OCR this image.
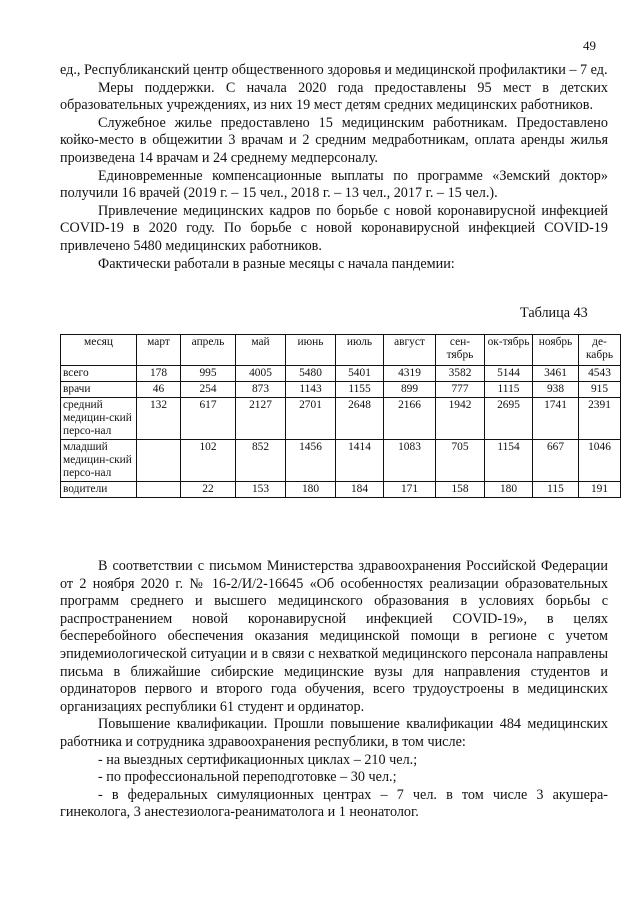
49

ед., Республиканский центр общественного здоровья и медицинской профилактики – 7 ед.

Меры поддержки. С начала 2020 года предоставлены 95 мест в детских образовательных учреждениях, из них 19 мест детям средних медицинских работников.

Служебное жилье предоставлено 15 медицинским работникам. Предоставлено койко-место в общежитии 3 врачам и 2 средним медработникам, оплата аренды жилья произведена 14 врачам и 24 среднему медперсоналу.

Единовременные компенсационные выплаты по программе «Земский доктор» получили 16 врачей (2019 г. – 15 чел., 2018 г. – 13 чел., 2017 г. – 15 чел.).

Привлечение медицинских кадров по борьбе с новой коронавирусной инфекцией COVID-19 в 2020 году. По борьбе с новой коронавирусной инфекцией COVID-19 привлечено 5480 медицинских работников.

Фактически работали в разные месяцы с начала пандемии:

Таблица 43
месяц	март	апрель	май	июнь	июль	август	сен-тябрь	ок-тябрь	ноябрь	де-кабрь
всего	178	995	4005	5480	5401	4319	3582	5144	3461	4543
врачи	46	254	873	1143	1155	899	777	1115	938	915
средний медицин-ский персо-нал	132	617	2127	2701	2648	2166	1942	2695	1741	2391
младший медицин-ский персо-нал		102	852	1456	1414	1083	705	1154	667	1046
водители		22	153	180	184	171	158	180	115	191

В соответствии с письмом Министерства здравоохранения Российской Федерации от 2 ноября 2020 г. № 16-2/И/2-16645 «Об особенностях реализации образовательных программ среднего и высшего медицинского образования в условиях борьбы с распространением новой коронавирусной инфекцией COVID-19», в целях бесперебойного обеспечения оказания медицинской помощи в регионе с учетом эпидемиологической ситуации и в связи с нехваткой медицинского персонала направлены письма в ближайшие сибирские медицинские вузы для направления студентов и ординаторов первого и второго года обучения, всего трудоустроены в медицинских организациях республики 61 студент и ординатор.

Повышение квалификации. Прошли повышение квалификации 484 медицинских работника и сотрудника здравоохранения республики, в том числе:

- на выездных сертификационных циклах – 210 чел.;

- по профессиональной переподготовке – 30 чел.;

- в федеральных симуляционных центрах – 7 чел. в том числе 3 акушера-гинеколога, 3 анестезиолога-реаниматолога и 1 неонатолог.
